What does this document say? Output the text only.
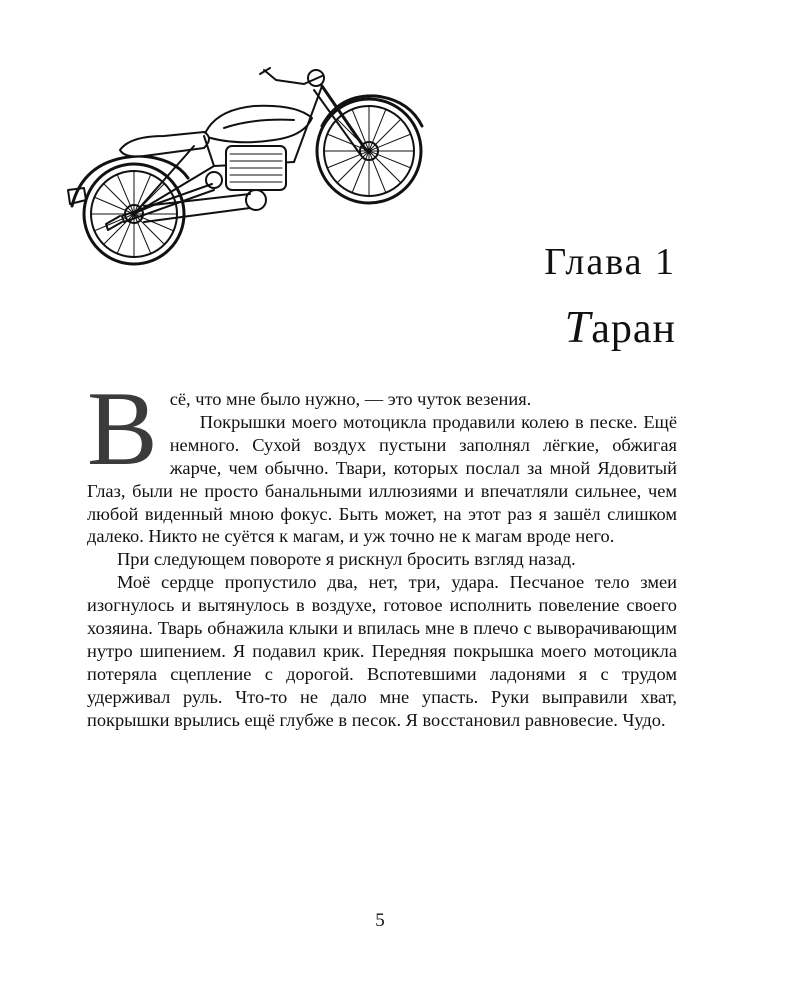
Глава 1
Таран

Всё, что мне было нужно, — это чуток везения.

Покрышки моего мотоцикла продавили колею в песке. Ещё немного. Сухой воздух пустыни заполнял лёгкие, обжигая жарче, чем обычно. Твари, которых послал за мной Ядовитый Глаз, были не просто банальными иллюзиями и впечатляли сильнее, чем любой виденный мною фокус. Быть может, на этот раз я зашёл слишком далеко. Никто не суётся к магам, и уж точно не к магам вроде него.

При следующем повороте я рискнул бросить взгляд назад.

Моё сердце пропустило два, нет, три, удара. Песчаное тело змеи изогнулось и вытянулось в воздухе, готовое исполнить повеление своего хозяина. Тварь обнажила клыки и впилась мне в плечо с выворачивающим нутро шипением. Я подавил крик. Передняя покрышка моего мотоцикла потеряла сцепление с дорогой. Вспотевшими ладонями я с трудом удерживал руль. Что-то не дало мне упасть. Руки выправили хват, покрышки врылись ещё глубже в песок. Я восстановил равновесие. Чудо.

5
